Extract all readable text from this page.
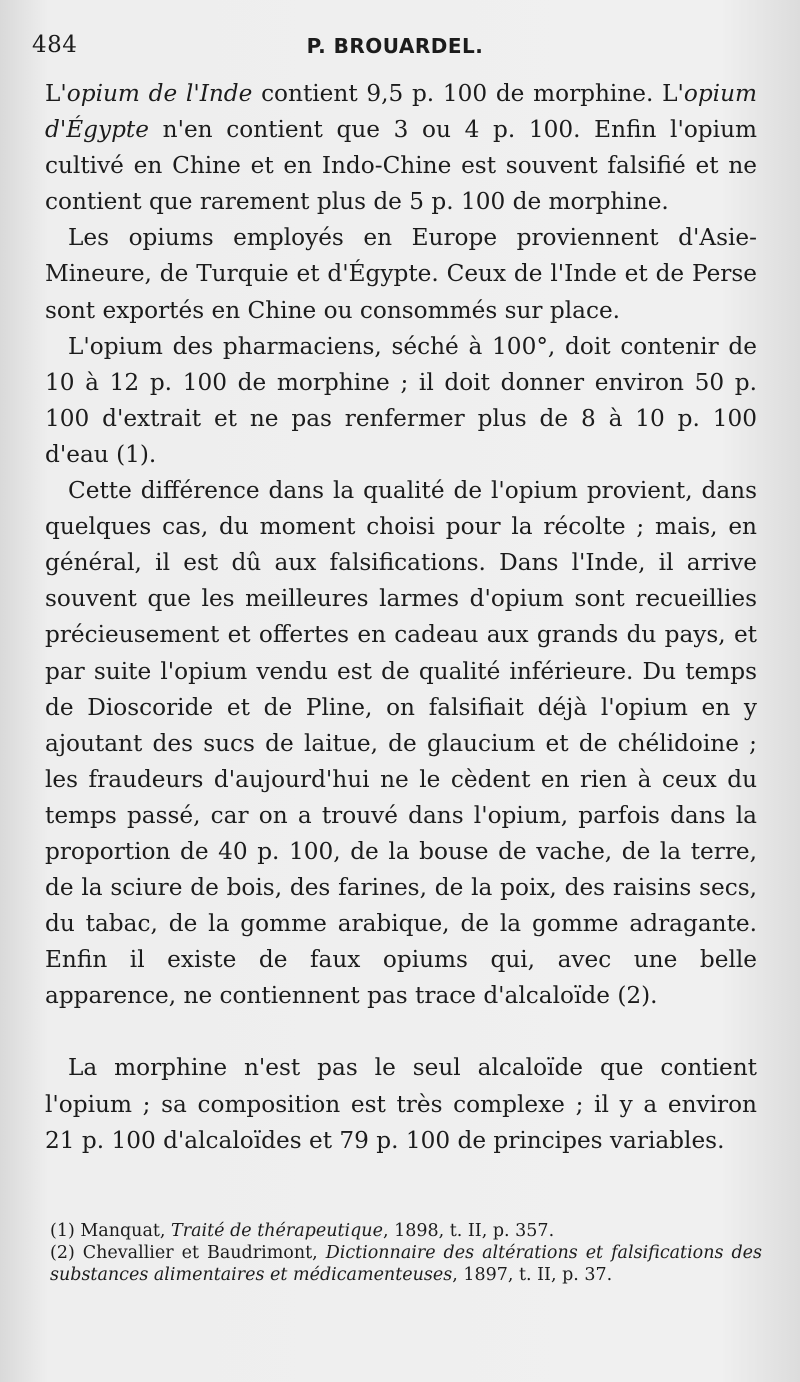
484	P. BROUARDEL.

L'opium de l'Inde contient 9,5 p. 100 de morphine. L'opium d'Égypte n'en contient que 3 ou 4 p. 100. Enfin l'opium cultivé en Chine et en Indo-Chine est souvent falsifié et ne contient que rarement plus de 5 p. 100 de morphine.

Les opiums employés en Europe proviennent d'Asie-Mineure, de Turquie et d'Égypte. Ceux de l'Inde et de Perse sont exportés en Chine ou consommés sur place.

L'opium des pharmaciens, séché à 100°, doit contenir de 10 à 12 p. 100 de morphine ; il doit donner environ 50 p. 100 d'extrait et ne pas renfermer plus de 8 à 10 p. 100 d'eau (1).

Cette différence dans la qualité de l'opium provient, dans quelques cas, du moment choisi pour la récolte ; mais, en général, il est dû aux falsifications. Dans l'Inde, il arrive souvent que les meilleures larmes d'opium sont recueillies précieusement et offertes en cadeau aux grands du pays, et par suite l'opium vendu est de qualité inférieure. Du temps de Dioscoride et de Pline, on falsifiait déjà l'opium en y ajoutant des sucs de laitue, de glaucium et de chélidoine ; les fraudeurs d'aujourd'hui ne le cèdent en rien à ceux du temps passé, car on a trouvé dans l'opium, parfois dans la proportion de 40 p. 100, de la bouse de vache, de la terre, de la sciure de bois, des farines, de la poix, des raisins secs, du tabac, de la gomme arabique, de la gomme adragante. Enfin il existe de faux opiums qui, avec une belle apparence, ne contiennent pas trace d'alcaloïde (2).

La morphine n'est pas le seul alcaloïde que contient l'opium ; sa composition est très complexe ; il y a environ 21 p. 100 d'alcaloïdes et 79 p. 100 de principes variables.

(1) Manquat, Traité de thérapeutique, 1898, t. II, p. 357.

(2) Chevallier et Baudrimont, Dictionnaire des altérations et falsifications des substances alimentaires et médicamenteuses, 1897, t. II, p. 37.
